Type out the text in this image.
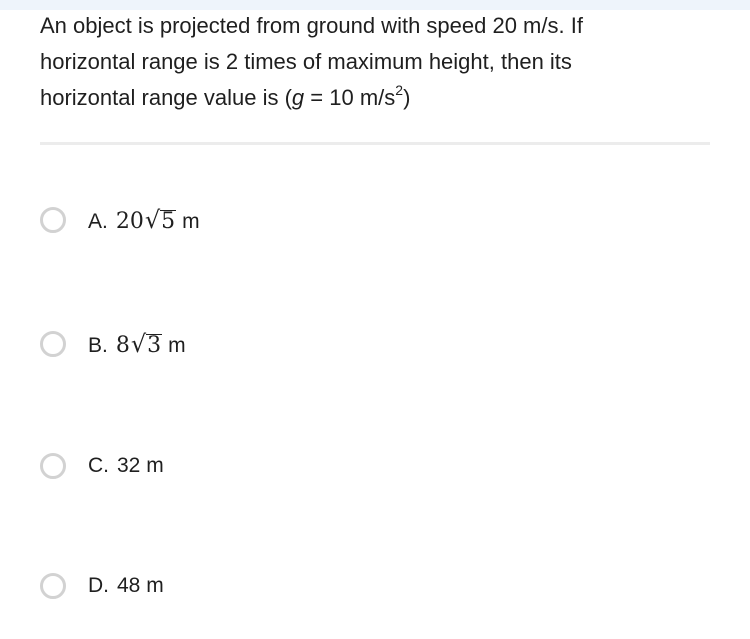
An object is projected from ground with speed 20 m/s. If
horizontal range is 2 times of maximum height, then its
horizontal range value is (g = 10 $m/s^2$)
A. 20 √ 5 m
B. 8 √ 3 m
C. 32 m
D. 48 m
